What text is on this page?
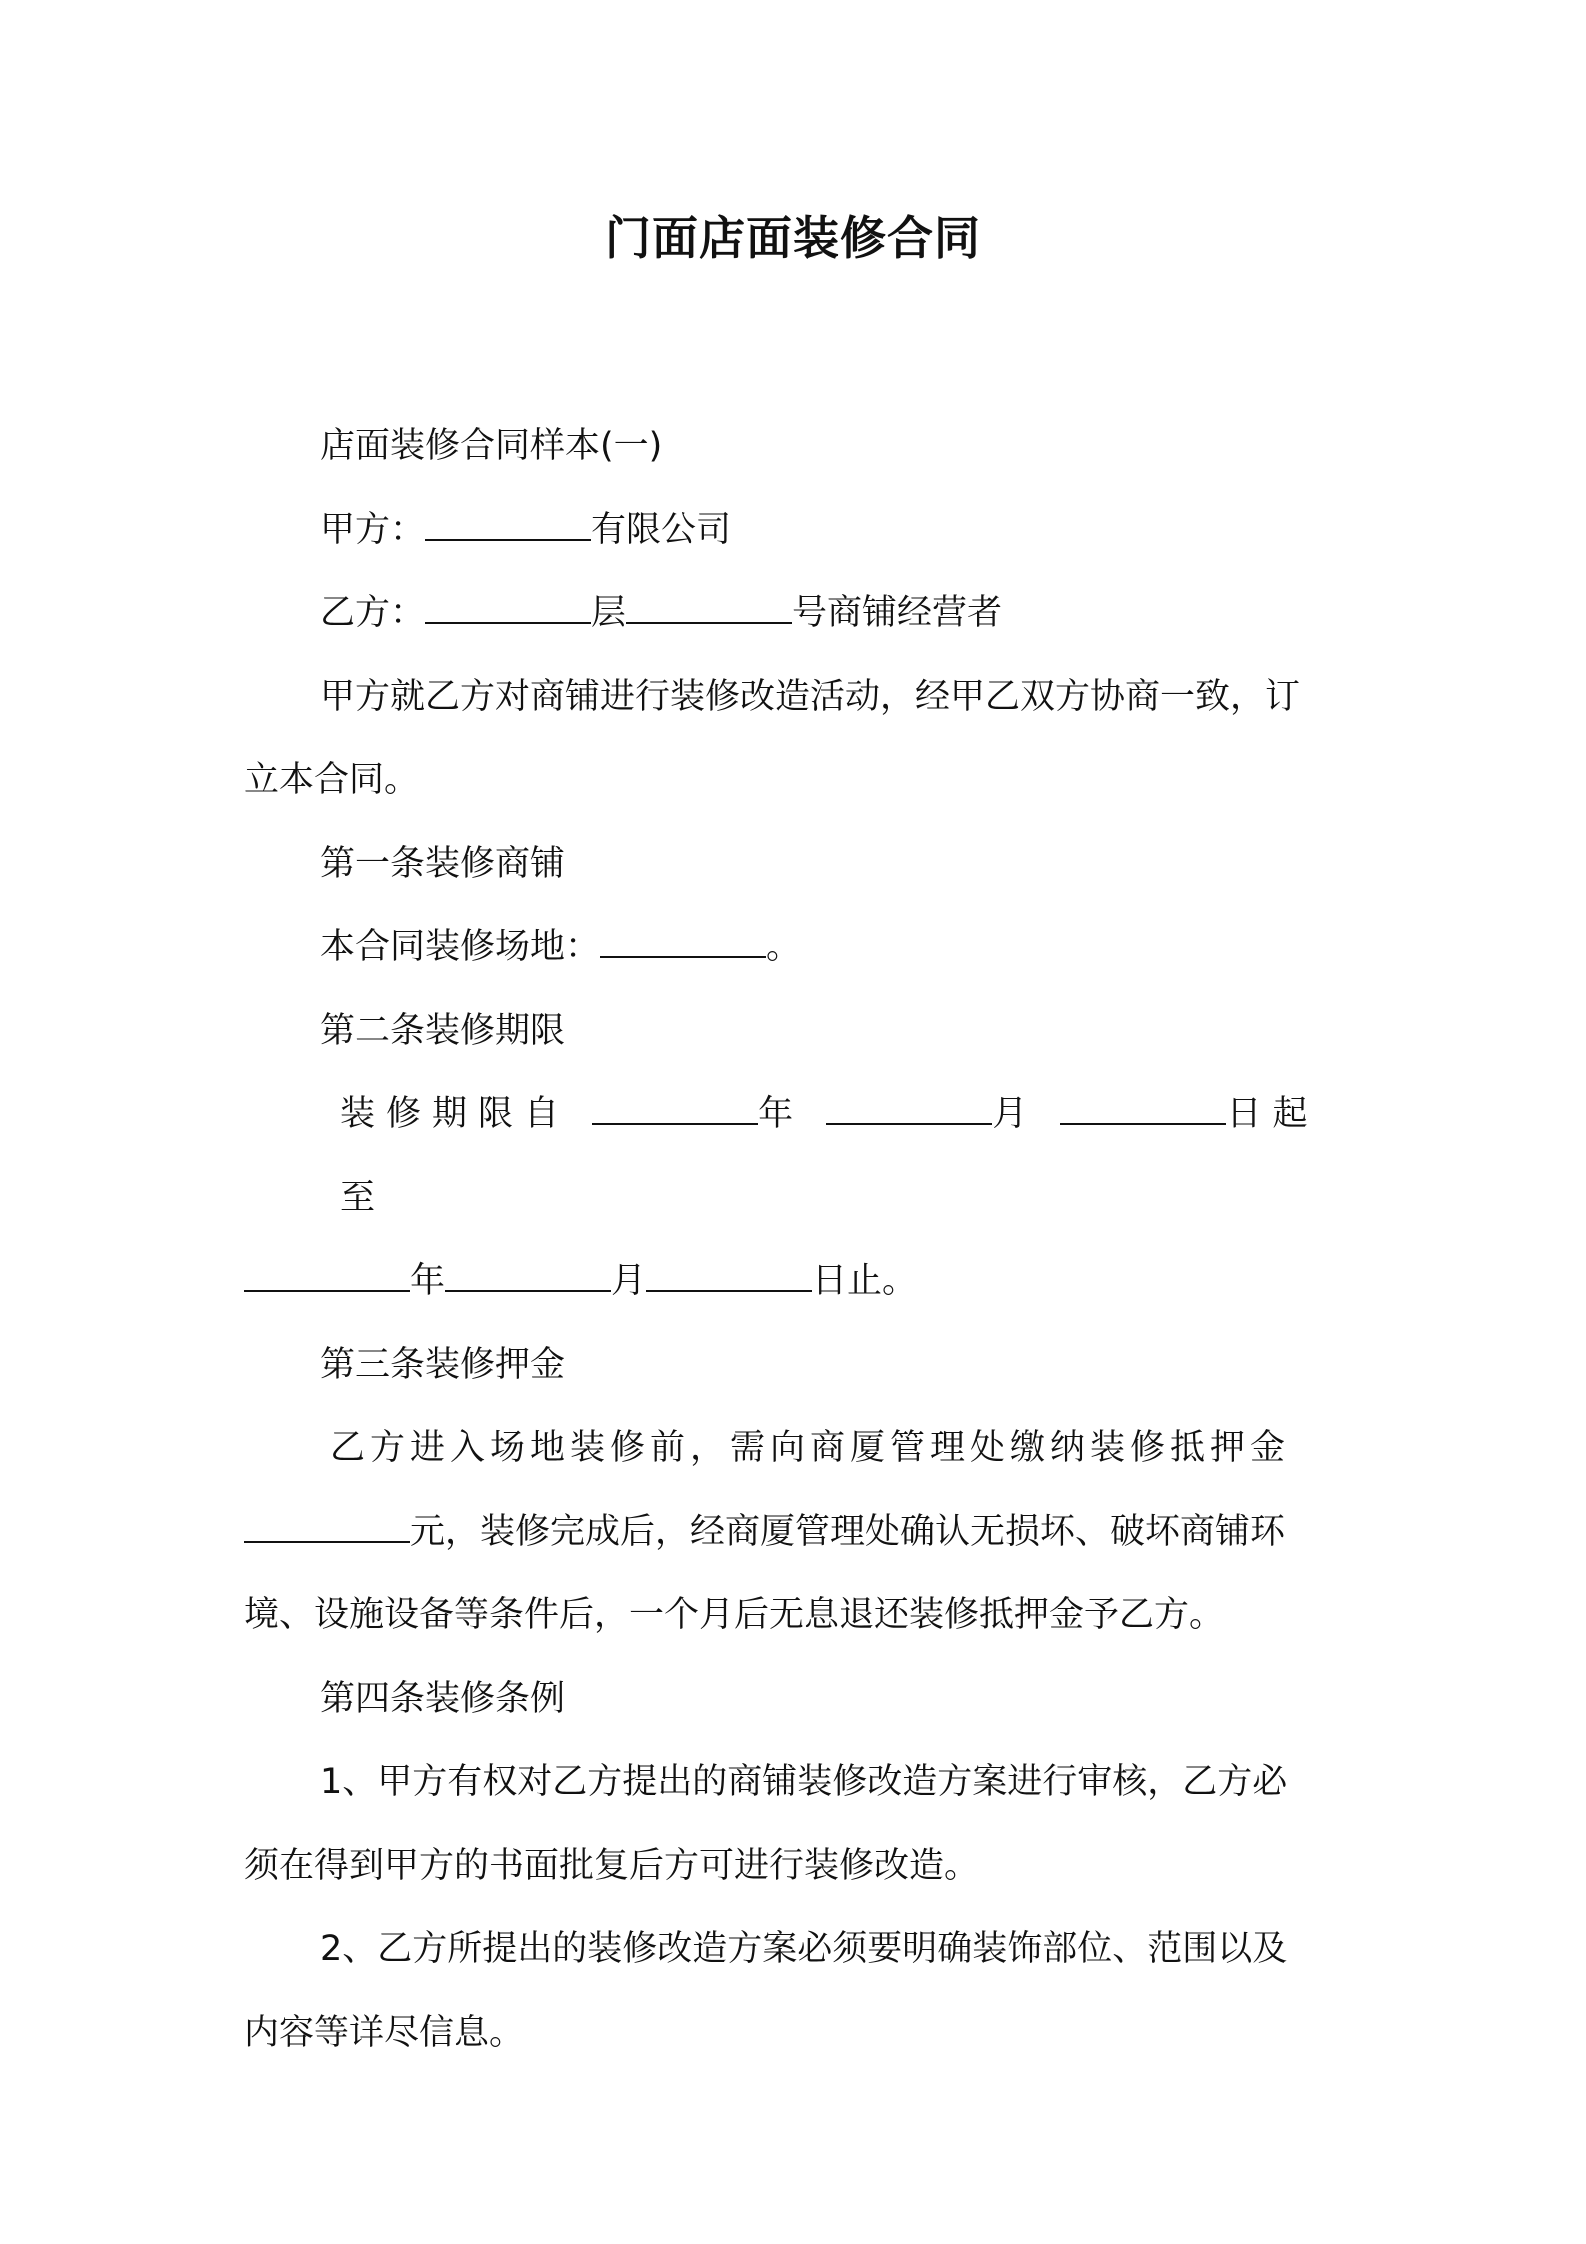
门面店面装修合同

店面装修合同样本(一)

甲方：	有限公司

乙方：	层	号商铺经营者

甲方就乙方对商铺进行装修改造活动，经甲乙双方协商一致，订

立本合同。

第一条装修商铺

本合同装修场地：	。

第二条装修期限

装修期限自	年	月	日起至

年	月	日止。

第三条装修押金

乙方进入场地装修前，需向商厦管理处缴纳装修抵押金

元，装修完成后，经商厦管理处确认无损坏、破坏商铺环

境、设施设备等条件后，一个月后无息退还装修抵押金予乙方。

第四条装修条例

1、甲方有权对乙方提出的商铺装修改造方案进行审核，乙方必

须在得到甲方的书面批复后方可进行装修改造。

2、乙方所提出的装修改造方案必须要明确装饰部位、范围以及

内容等详尽信息。
